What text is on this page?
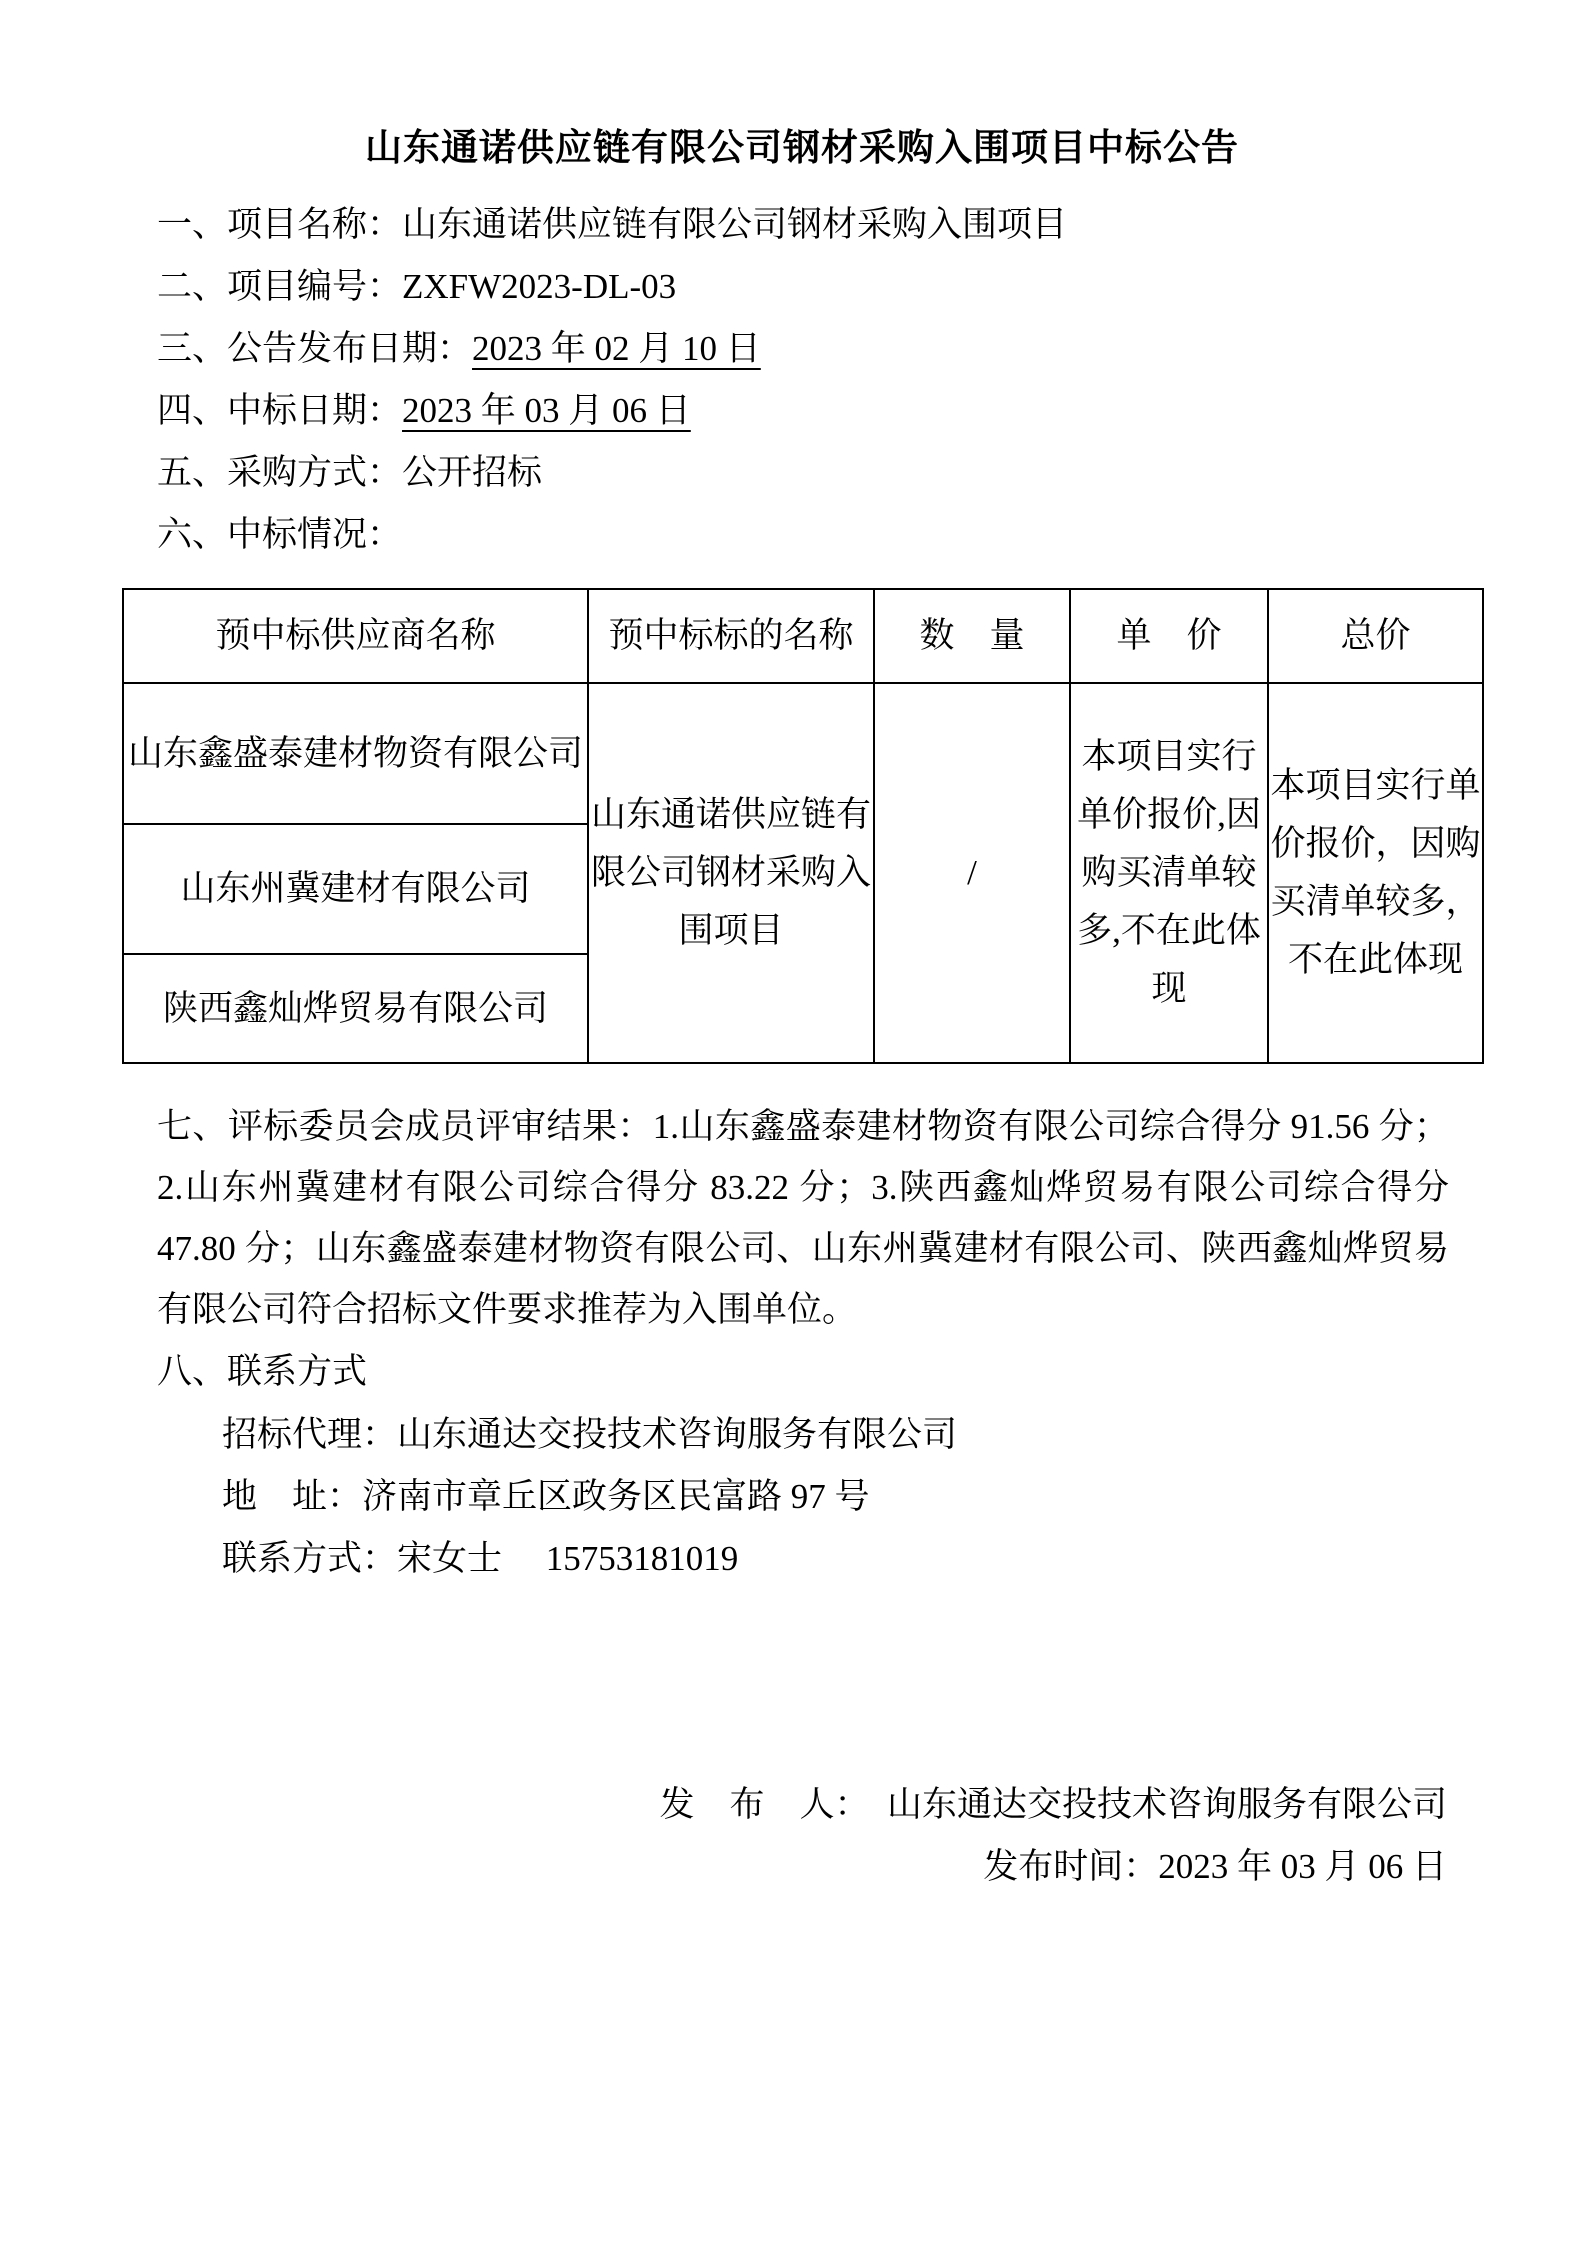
山东通诺供应链有限公司钢材采购入围项目中标公告
一、项目名称：山东通诺供应链有限公司钢材采购入围项目
二、项目编号：ZXFW2023-DL-03
三、公告发布日期：2023 年 02 月 10 日
四、中标日期：2023 年 03 月 06 日
五、采购方式：公开招标
六、中标情况：
预中标供应商名称	预中标标的名称	数　量	单　价	总价
山东鑫盛泰建材物资有限公司	山东通诺供应链有限公司钢材采购入围项目	/	本项目实行单价报价,因购买清单较多,不在此体现	本项目实行单价报价，因购买清单较多，不在此体现
山东州冀建材有限公司				
陕西鑫灿烨贸易有限公司				
七、评标委员会成员评审结果：1.山东鑫盛泰建材物资有限公司综合得分 91.56 分；2.山东州冀建材有限公司综合得分 83.22 分；3.陕西鑫灿烨贸易有限公司综合得分 47.80 分；山东鑫盛泰建材物资有限公司、山东州冀建材有限公司、陕西鑫灿烨贸易有限公司符合招标文件要求推荐为入围单位。
八、联系方式
招标代理：山东通达交投技术咨询服务有限公司
地　址：济南市章丘区政务区民富路 97 号
联系方式：宋女士　 15753181019
发　布　人：　山东通达交投技术咨询服务有限公司
发布时间：2023 年 03 月 06 日
